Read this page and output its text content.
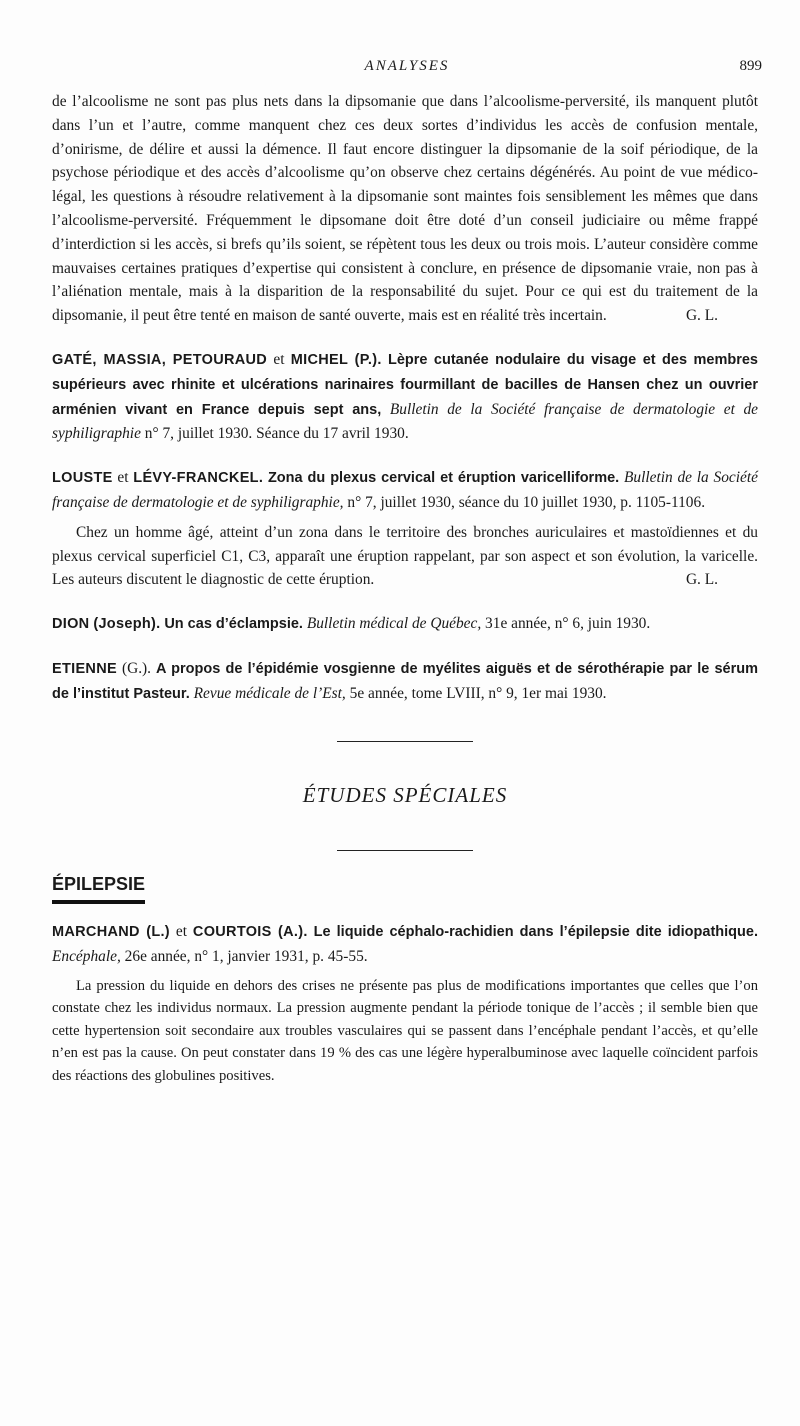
ANALYSES	899

de l’alcoolisme ne sont pas plus nets dans la dipsomanie que dans l’alcoolisme-perversité, ils manquent plutôt dans l’un et l’autre, comme manquent chez ces deux sortes d’individus les accès de confusion mentale, d’onirisme, de délire et aussi la démence. Il faut encore distinguer la dipsomanie de la soif périodique, de la psychose périodique et des accès d’alcoolisme qu’on observe chez certains dégénérés. Au point de vue médico-légal, les questions à résoudre relativement à la dipsomanie sont maintes fois sensiblement les mêmes que dans l’alcoolisme-perversité. Fréquemment le dipsomane doit être doté d’un conseil judiciaire ou même frappé d’interdiction si les accès, si brefs qu’ils soient, se répètent tous les deux ou trois mois. L’auteur considère comme mauvaises certaines pratiques d’expertise qui consistent à conclure, en présence de dipsomanie vraie, non pas à l’aliénation mentale, mais à la disparition de la responsabilité du sujet. Pour ce qui est du traitement de la dipsomanie, il peut être tenté en maison de santé ouverte, mais est en réalité très incertain.	G. L.

GATÉ, MASSIA, PETOURAUD et MICHEL (P.). Lèpre cutanée nodulaire du visage et des membres supérieurs avec rhinite et ulcérations narinaires fourmillant de bacilles de Hansen chez un ouvrier arménien vivant en France depuis sept ans, Bulletin de la Société française de dermatologie et de syphiligraphie n° 7, juillet 1930. Séance du 17 avril 1930.

LOUSTE et LÉVY-FRANCKEL. Zona du plexus cervical et éruption varicelliforme. Bulletin de la Société française de dermatologie et de syphiligraphie, n° 7, juillet 1930, séance du 10 juillet 1930, p. 1105-1106.

Chez un homme âgé, atteint d’un zona dans le territoire des bronches auriculaires et mastoïdiennes et du plexus cervical superficiel C1, C3, apparaît une éruption rappelant, par son aspect et son évolution, la varicelle. Les auteurs discutent le diagnostic de cette éruption.	G. L.

DION (Joseph). Un cas d’éclampsie. Bulletin médical de Québec, 31e année, n° 6, juin 1930.

ETIENNE (G.). A propos de l’épidémie vosgienne de myélites aiguës et de sérothérapie par le sérum de l’institut Pasteur. Revue médicale de l’Est, 5e année, tome LVIII, n° 9, 1er mai 1930.

ÉTUDES SPÉCIALES
ÉPILEPSIE

MARCHAND (L.) et COURTOIS (A.). Le liquide céphalo-rachidien dans l’épilepsie dite idiopathique. Encéphale, 26e année, n° 1, janvier 1931, p. 45-55.

La pression du liquide en dehors des crises ne présente pas plus de modifications importantes que celles que l’on constate chez les individus normaux. La pression augmente pendant la période tonique de l’accès ; il semble bien que cette hypertension soit secondaire aux troubles vasculaires qui se passent dans l’encéphale pendant l’accès, et qu’elle n’en est pas la cause. On peut constater dans 19 % des cas une légère hyperalbuminose avec laquelle coïncident parfois des réactions des globulines positives.
